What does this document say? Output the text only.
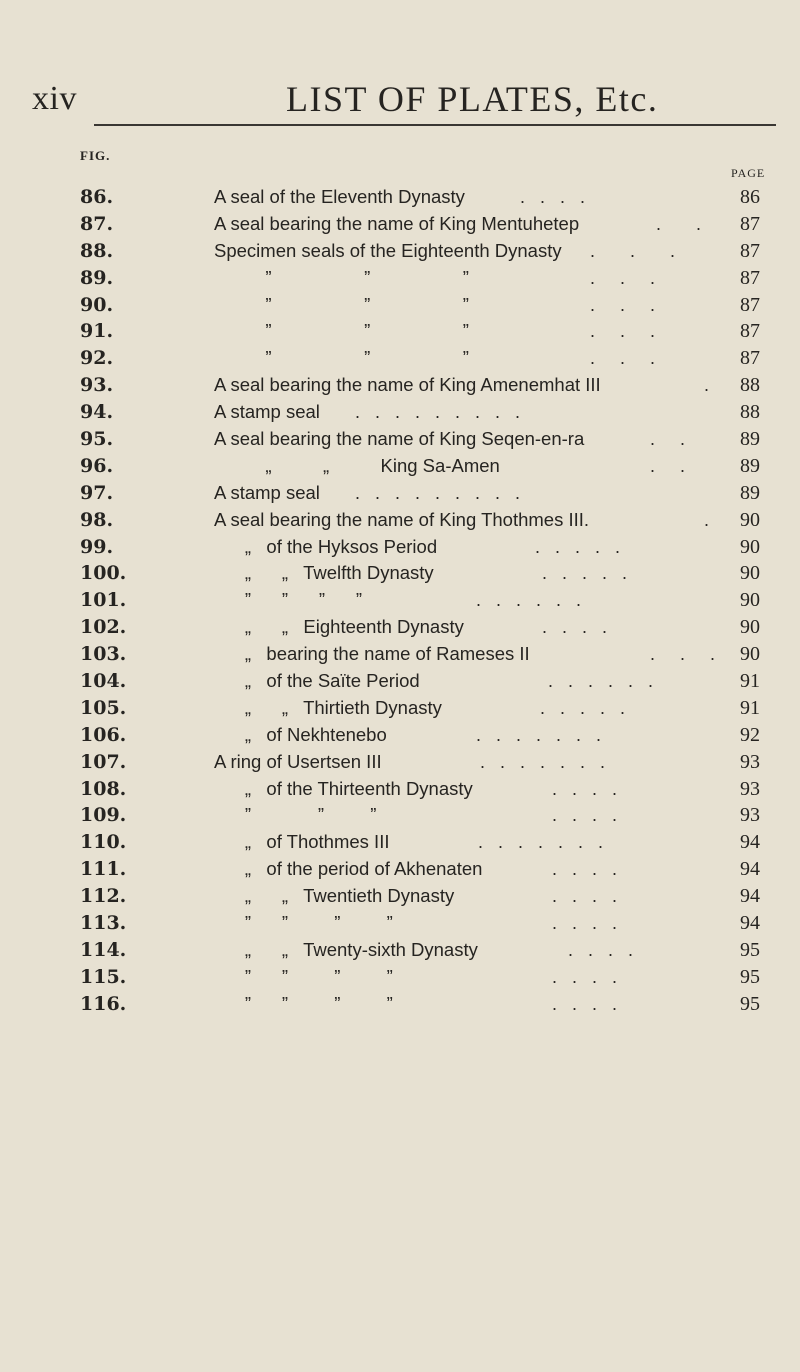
xiv	LIST OF PLATES, Etc.
FIG.
PAGE
86.	A seal of the Eleventh Dynasty	.   .   .   .	86
87.	A seal bearing the name of King Mentuhetep	.       . 87
88.	Specimen seals of the Eighteenth Dynasty	.       .       .	87
89.	”                  ”                  ”	.     .     .	87
90.	”                  ”                  ”	.     .     .	87
91.	”                  ”                  ”	.     .     .	87
92.	”                  ”                  ”	.     .     .	87
93.	A seal bearing the name of King Amenemhat III	. 88
94.	A stamp seal	.   .   .   .   .   .   .   .   .	88
95.	A seal bearing the name of King Seqen-en-ra	.     .	89
96.	„          „          King Sa-Amen	.     .	89
97.	A stamp seal	.   .   .   .   .   .   .   .   .	89
98.	A seal bearing the name of King Thothmes III.	. 90
99.	„   of the Hyksos Period	.   .   .   .   .	90
100.	„      „   Twelfth Dynasty	.   .   .   .   .	90
101.	”      ”      ”      ”	.   .   .   .   .   .	90
102.	„      „   Eighteenth Dynasty	.   .   .   .	90
103.	„   bearing the name of Rameses II	.     .     . 90
104.	„   of the Saïte Period	.   .   .   .   .   .	91
105.	„      „   Thirtieth Dynasty	.   .   .   .   .	91
106.	„   of Nekhtenebo	.   .   .   .   .   .   .	92
107.	A ring of Usertsen III	.   .   .   .   .   .   .	93
108.	„   of the Thirteenth Dynasty	.   .   .   .	93
109.	”             ”         ”	.   .   .   .	93
110.	„   of Thothmes III	.   .   .   .   .   .   .	94
111.	„   of the period of Akhenaten	.   .   .   .	94
112.	„      „   Twentieth Dynasty	.   .   .   .	94
113.	”      ”         ”         ”	.   .   .   .	94
114.	„      „   Twenty-sixth Dynasty	.   .   .   .	95
115.	”      ”         ”         ”	.   .   .   .	95
116.	”      ”         ”         ”	.   .   .   .	95
